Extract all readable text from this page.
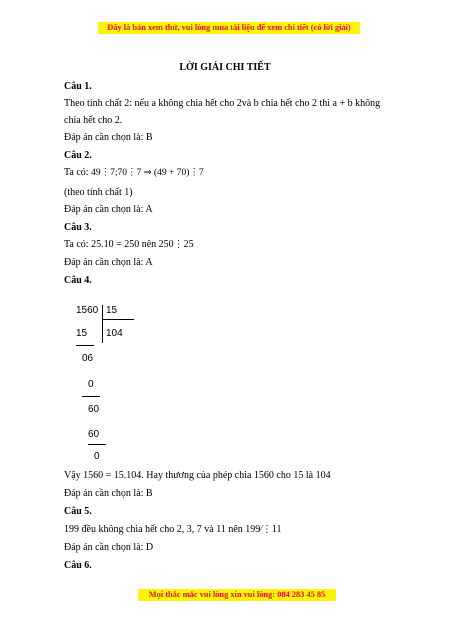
Đây là bản xem thử, vui lòng mua tài liệu để xem chi tiết (có lời giải)
LỜI GIẢI CHI TIẾT
Câu 1.
Theo tính chất 2: nếu a không chia hết cho 2và b chia hết cho 2 thì a + b không
chia hết cho 2.
Đáp án cần chọn là: B
Câu 2.
Ta có: 49⋮7;70⋮7 ⇒ (49 + 70)⋮7
(theo tính chất 1)
Đáp án cần chọn là: A
Câu 3.
Ta có: 25.10 = 250 nên 250⋮25
Đáp án cần chọn là: A
Câu 4.
1560 15
104
15
06
0
60
60
0
Vậy 1560 = 15.104. Hay thương của phép chia 1560 cho 15 là 104
Đáp án cần chọn là: B
Câu 5.
199 đều không chia hết cho 2, 3, 7 và 11 nên 199⁄⋮11
Đáp án cần chọn là: D
Câu 6.
Mọi thắc mắc vui lòng xin vui lòng: 084 283 45 85
